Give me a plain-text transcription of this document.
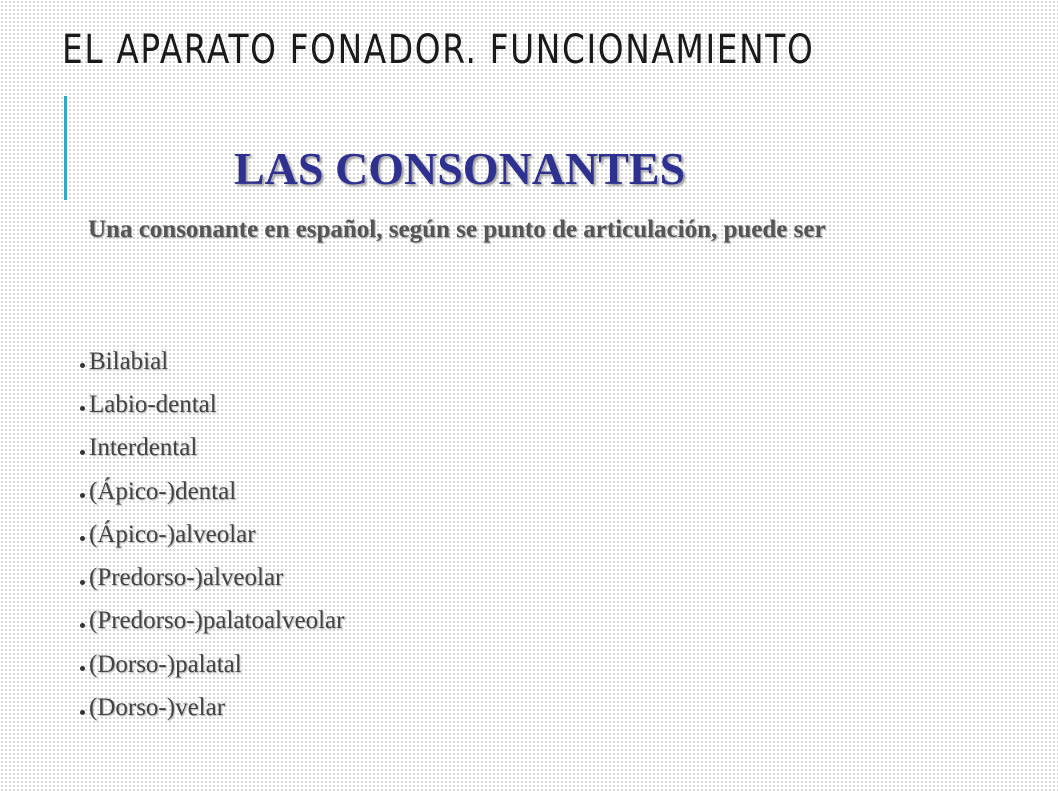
EL APARATO FONADOR. FUNCIONAMIENTO
LAS CONSONANTES

Una consonante en español, según se punto de articulación, puede ser

Bilabial
Labio-dental
Interdental
(Ápico-)dental
(Ápico-)alveolar
(Predorso-)alveolar
(Predorso-)palatoalveolar
(Dorso-)palatal
(Dorso-)velar
